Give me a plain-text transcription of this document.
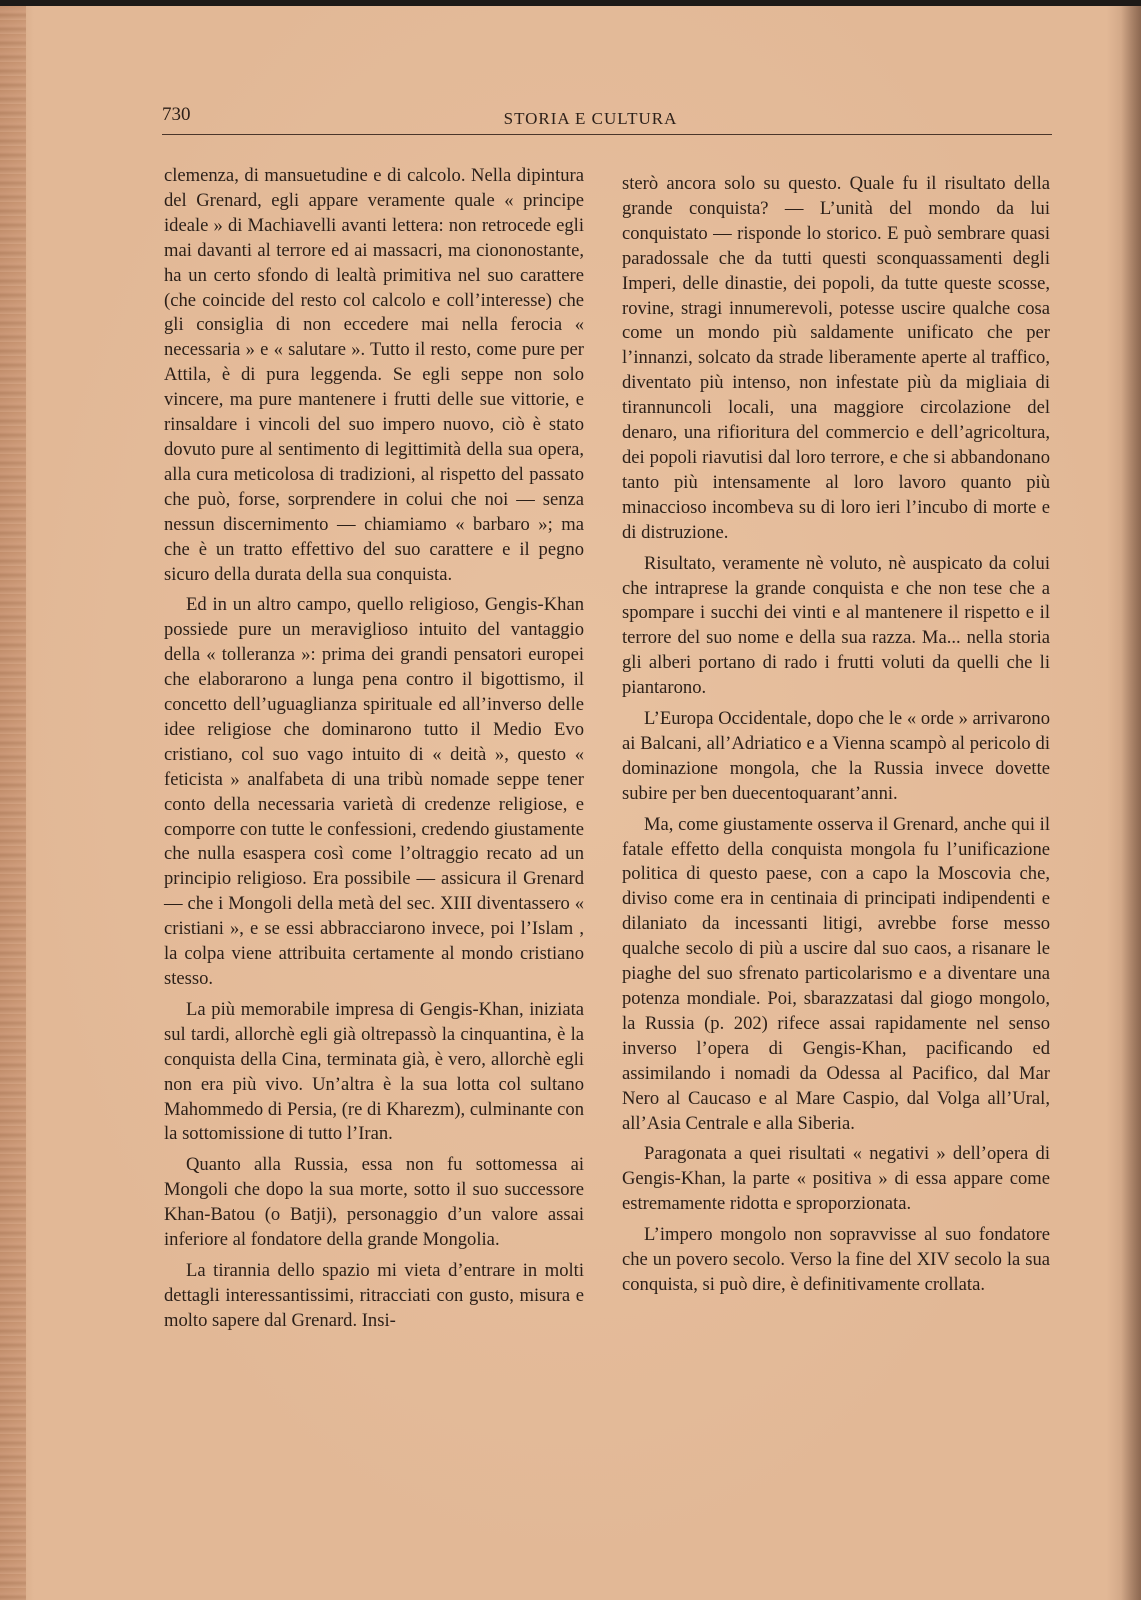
730	STORIA E CULTURA

clemenza, di mansuetudine e di calcolo. Nella dipintura del Grenard, egli appare veramente quale « principe ideale » di Machiavelli avanti lettera: non retrocede egli mai davanti al terrore ed ai massacri, ma ciononostante, ha un certo sfondo di lealtà primitiva nel suo carattere (che coincide del resto col calcolo e coll’interesse) che gli consiglia di non eccedere mai nella ferocia « necessaria » e « salutare ». Tutto il resto, come pure per Attila, è di pura leggenda. Se egli seppe non solo vincere, ma pure mantenere i frutti delle sue vittorie, e rinsaldare i vincoli del suo impero nuovo, ciò è stato dovuto pure al sentimento di legittimità della sua opera, alla cura meticolosa di tradizioni, al rispetto del passato che può, forse, sorprendere in colui che noi — senza nessun discernimento — chiamiamo « barbaro »; ma che è un tratto effettivo del suo carattere e il pegno sicuro della durata della sua conquista.

Ed in un altro campo, quello religioso, Gengis-Khan possiede pure un meraviglioso intuito del vantaggio della « tolleranza »: prima dei grandi pensatori europei che elaborarono a lunga pena contro il bigottismo, il concetto dell’uguaglianza spirituale ed all’inverso delle idee religiose che dominarono tutto il Medio Evo cristiano, col suo vago intuito di « deità », questo « feticista » analfabeta di una tribù nomade seppe tener conto della necessaria varietà di credenze religiose, e comporre con tutte le confessioni, credendo giustamente che nulla esaspera così come l’oltraggio recato ad un principio religioso. Era possibile — assicura il Grenard — che i Mongoli della metà del sec. XIII diventassero « cristiani », e se essi abbracciarono invece, poi l’Islam , la colpa viene attribuita certamente al mondo cristiano stesso.

La più memorabile impresa di Gengis-Khan, iniziata sul tardi, allorchè egli già oltrepassò la cinquantina, è la conquista della Cina, terminata già, è vero, allorchè egli non era più vivo. Un’altra è la sua lotta col sultano Mahommedo di Persia, (re di Kharezm), culminante con la sottomissione di tutto l’Iran.

Quanto alla Russia, essa non fu sottomessa ai Mongoli che dopo la sua morte, sotto il suo successore Khan-Batou (o Batji), personaggio d’un valore assai inferiore al fondatore della grande Mongolia.

La tirannia dello spazio mi vieta d’entrare in molti dettagli interessantissimi, ritracciati con gusto, misura e molto sapere dal Grenard. Insi-

sterò ancora solo su questo. Quale fu il risultato della grande conquista? — L’unità del mondo da lui conquistato — risponde lo storico. E può sembrare quasi paradossale che da tutti questi sconquassamenti degli Imperi, delle dinastie, dei popoli, da tutte queste scosse, rovine, stragi innumerevoli, potesse uscire qualche cosa come un mondo più saldamente unificato che per l’innanzi, solcato da strade liberamente aperte al traffico, diventato più intenso, non infestate più da migliaia di tirannuncoli locali, una maggiore circolazione del denaro, una rifioritura del commercio e dell’agricoltura, dei popoli riavutisi dal loro terrore, e che si abbandonano tanto più intensamente al loro lavoro quanto più minaccioso incombeva su di loro ieri l’incubo di morte e di distruzione.

Risultato, veramente nè voluto, nè auspicato da colui che intraprese la grande conquista e che non tese che a spompare i succhi dei vinti e al mantenere il rispetto e il terrore del suo nome e della sua razza. Ma... nella storia gli alberi portano di rado i frutti voluti da quelli che li piantarono.

L’Europa Occidentale, dopo che le « orde » arrivarono ai Balcani, all’Adriatico e a Vienna scampò al pericolo di dominazione mongola, che la Russia invece dovette subire per ben duecentoquarant’anni.

Ma, come giustamente osserva il Grenard, anche qui il fatale effetto della conquista mongola fu l’unificazione politica di questo paese, con a capo la Moscovia che, diviso come era in centinaia di principati indipendenti e dilaniato da incessanti litigi, avrebbe forse messo qualche secolo di più a uscire dal suo caos, a risanare le piaghe del suo sfrenato particolarismo e a diventare una potenza mondiale. Poi, sbarazzatasi dal giogo mongolo, la Russia (p. 202) rifece assai rapidamente nel senso inverso l’opera di Gengis-Khan, pacificando ed assimilando i nomadi da Odessa al Pacifico, dal Mar Nero al Caucaso e al Mare Caspio, dal Volga all’Ural, all’Asia Centrale e alla Siberia.

Paragonata a quei risultati « negativi » dell’opera di Gengis-Khan, la parte « positiva » di essa appare come estremamente ridotta e sproporzionata.

L’impero mongolo non sopravvisse al suo fondatore che un povero secolo. Verso la fine del XIV secolo la sua conquista, si può dire, è definitivamente crollata.
